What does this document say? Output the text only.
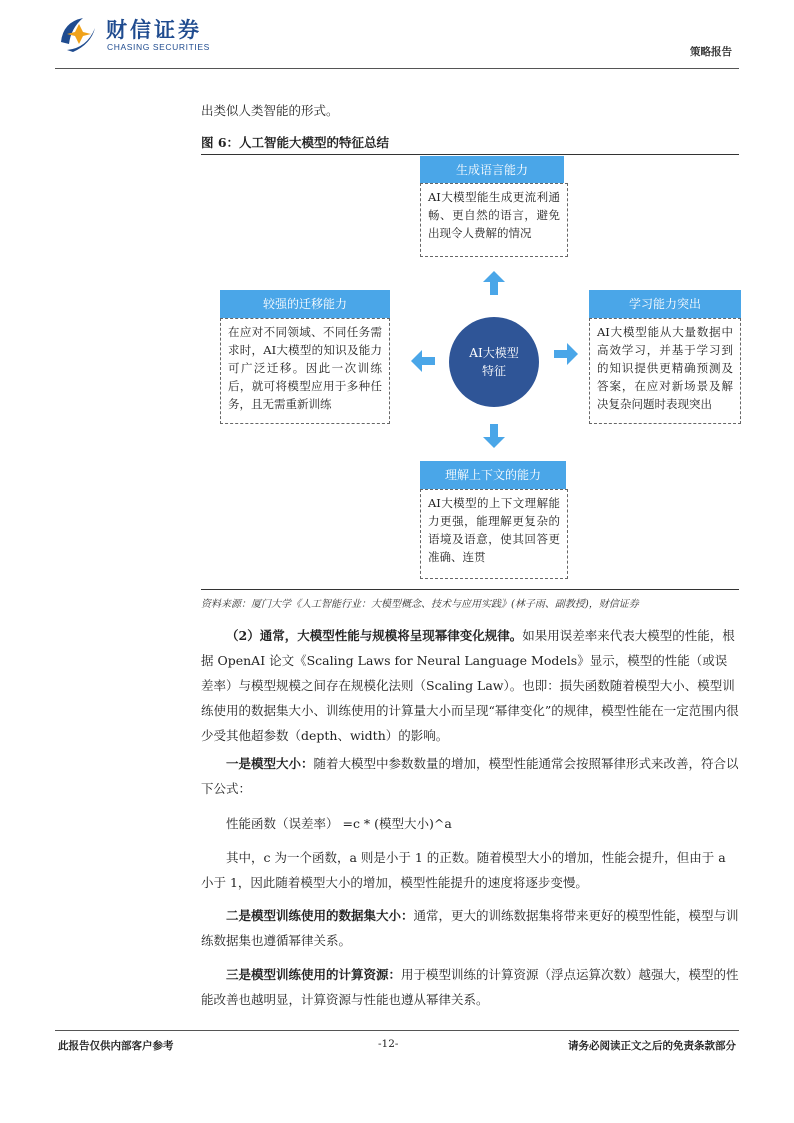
财信证券
CHASING SECURITIES	策略报告
出类似人类智能的形式。
图 6：人工智能大模型的特征总结
生成语言能力
AI大模型能生成更流利通畅、更自然的语言，避免出现令人费解的情况
较强的迁移能力
在应对不同领域、不同任务需求时，AI大模型的知识及能力可广泛迁移。因此一次训练后，就可将模型应用于多种任务，且无需重新训练
学习能力突出
AI大模型能从大量数据中高效学习，并基于学习到的知识提供更精确预测及答案，在应对新场景及解决复杂问题时表现突出
理解上下文的能力
AI大模型的上下文理解能力更强，能理解更复杂的语境及语意，使其回答更准确、连贯
AI大模型特征
资料来源：厦门大学《人工智能行业：大模型概念、技术与应用实践》(林子雨、副教授)，财信证券
（2）通常，大模型性能与规模将呈现幂律变化规律。如果用误差率来代表大模型的性能，根据 OpenAI 论文《Scaling Laws for Neural Language Models》显示，模型的性能（或误差率）与模型规模之间存在规模化法则（Scaling Law）。也即：损失函数随着模型大小、模型训练使用的数据集大小、训练使用的计算量大小而呈现“幂律变化”的规律，模型性能在一定范围内很少受其他超参数（depth、width）的影响。
一是模型大小：随着大模型中参数数量的增加，模型性能通常会按照幂律形式来改善，符合以下公式：
性能函数（误差率） =c * (模型大小)^a
其中，c 为一个函数，a 则是小于 1 的正数。随着模型大小的增加，性能会提升，但由于 a 小于 1，因此随着模型大小的增加，模型性能提升的速度将逐步变慢。
二是模型训练使用的数据集大小：通常，更大的训练数据集将带来更好的模型性能，模型与训练数据集也遵循幂律关系。
三是模型训练使用的计算资源：用于模型训练的计算资源（浮点运算次数）越强大，模型的性能改善也越明显，计算资源与性能也遵从幂律关系。
此报告仅供内部客户参考	-12-	请务必阅读正文之后的免责条款部分
